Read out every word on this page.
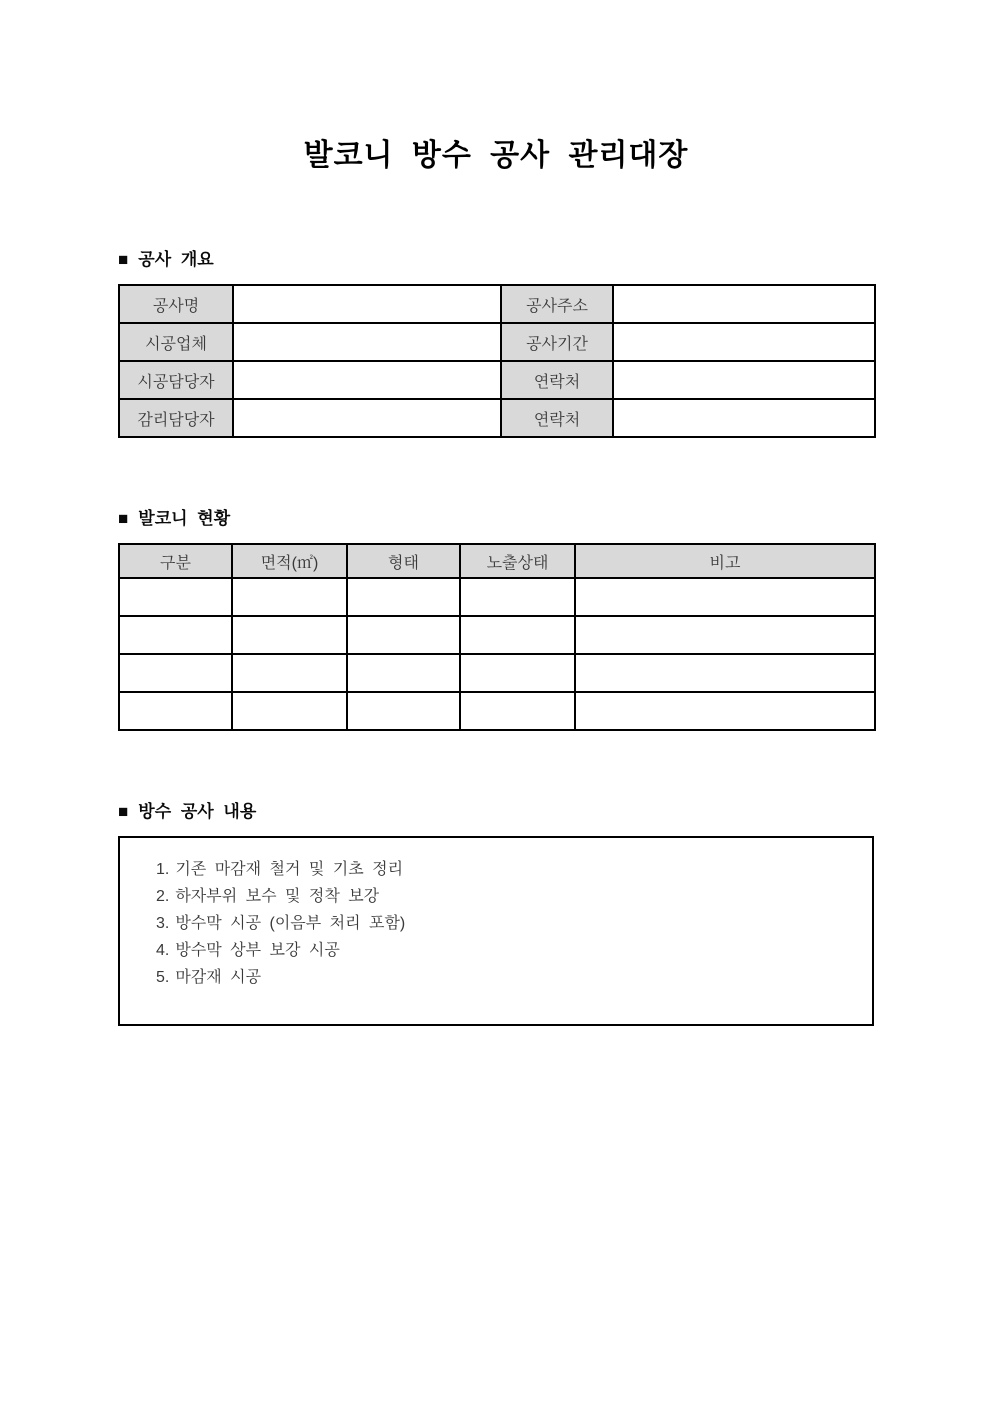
발코니 방수 공사 관리대장
■ 공사 개요
공사명		공사주소	
시공업체		공사기간	
시공담당자		연락처	
감리담당자		연락처	
■ 발코니 현황
구분	면적(㎡)	형태	노출상태	비고

■ 방수 공사 내용
1. 기존 마감재 철거 및 기초 정리
2. 하자부위 보수 및 정착 보강
3. 방수막 시공 (이음부 처리 포함)
4. 방수막 상부 보강 시공
5. 마감재 시공
